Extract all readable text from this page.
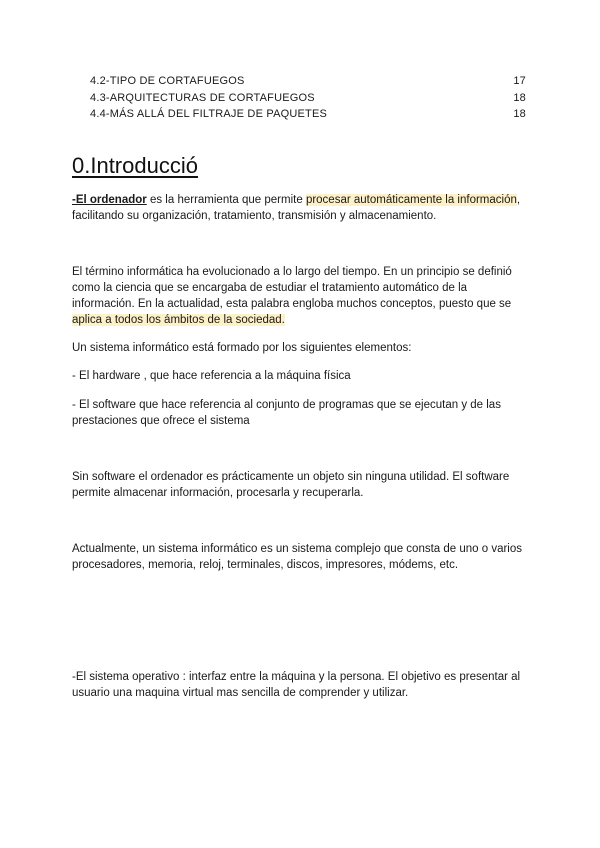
4.2-TIPO DE CORTAFUEGOS	17
4.3-ARQUITECTURAS DE CORTAFUEGOS	18
4.4-MÁS ALLÁ DEL FILTRAJE DE PAQUETES	18
0.Introducció

-El ordenador es la herramienta que permite procesar automáticamente la información, facilitando su organización, tratamiento, transmisión y almacenamiento.

El término informática ha evolucionado a lo largo del tiempo. En un principio se definió como la ciencia que se encargaba de estudiar el tratamiento automático de la información. En la actualidad, esta palabra engloba muchos conceptos, puesto que se aplica a todos los ámbitos de la sociedad.

Un sistema informático está formado por los siguientes elementos:

- El hardware , que hace referencia a la máquina física

- El software que hace referencia al conjunto de programas que se ejecutan y de las prestaciones que ofrece el sistema

Sin software el ordenador es prácticamente un objeto sin ninguna utilidad. El software permite almacenar información, procesarla y recuperarla.

Actualmente, un sistema informático es un sistema complejo que consta de uno o varios procesadores, memoria, reloj, terminales, discos, impresores, módems, etc.

-El sistema operativo : interfaz entre la máquina y la persona. El objetivo es presentar al usuario una maquina virtual mas sencilla de comprender y utilizar.
